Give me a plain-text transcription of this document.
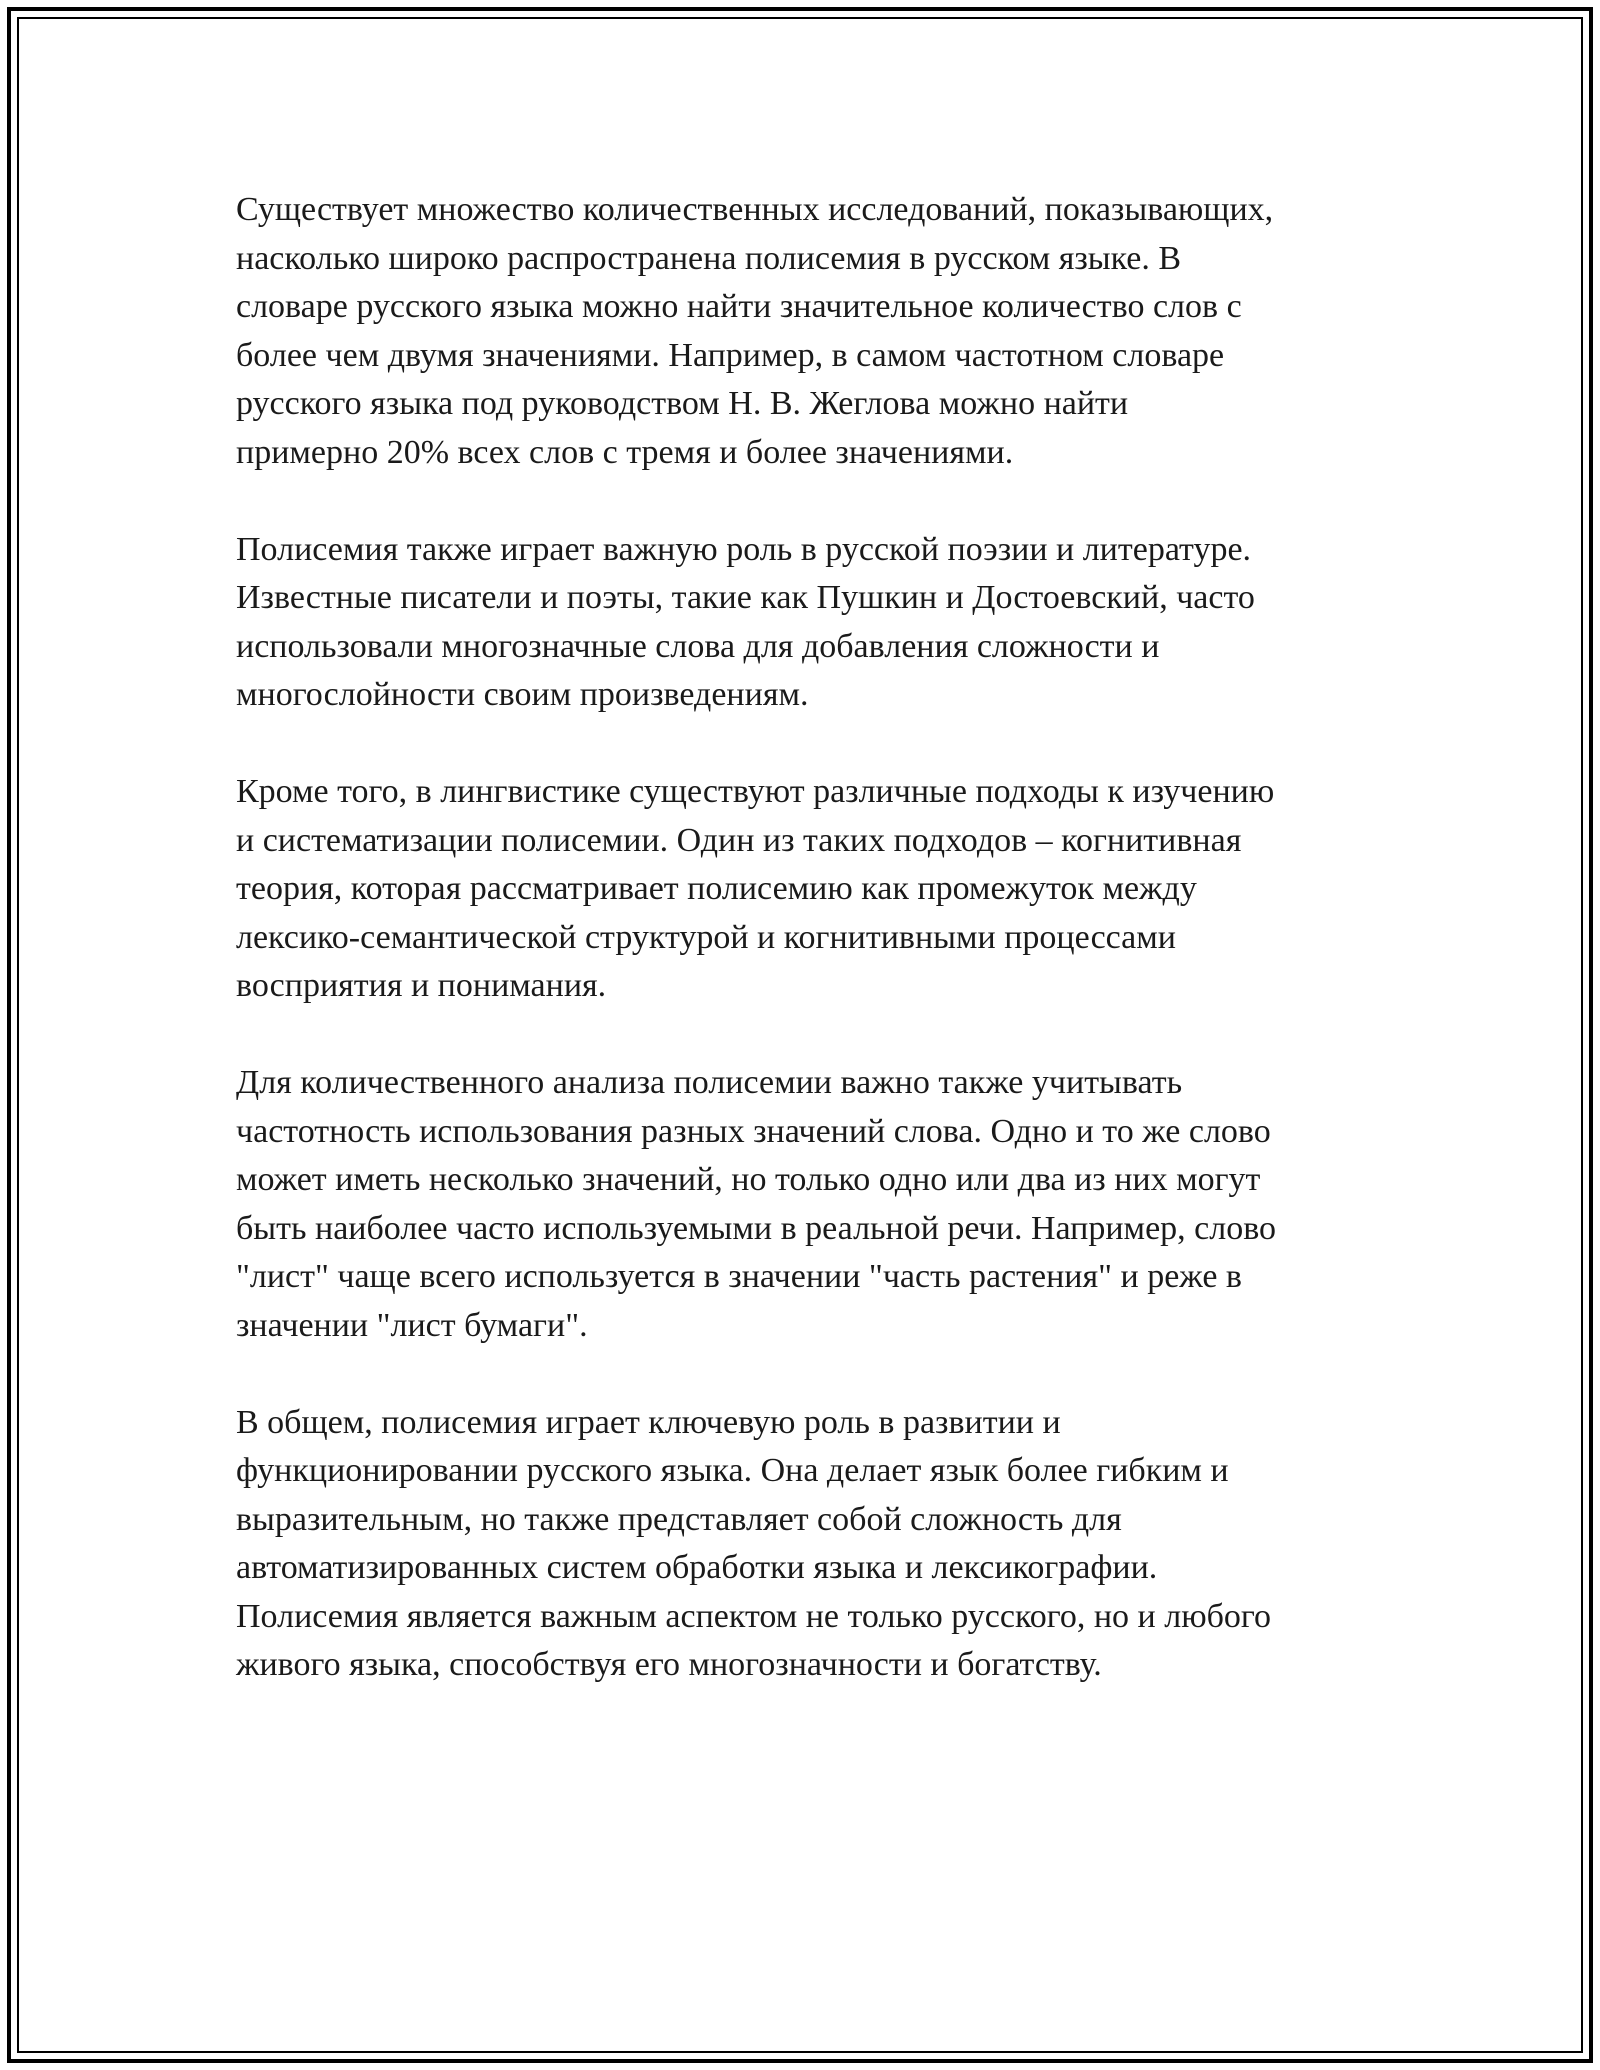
Существует множество количественных исследований, показывающих,
насколько широко распространена полисемия в русском языке. В
словаре русского языка можно найти значительное количество слов с
более чем двумя значениями. Например, в самом частотном словаре
русского языка под руководством Н. В. Жеглова можно найти
примерно 20% всех слов с тремя и более значениями.

Полисемия также играет важную роль в русской поэзии и литературе.
Известные писатели и поэты, такие как Пушкин и Достоевский, часто
использовали многозначные слова для добавления сложности и
многослойности своим произведениям.

Кроме того, в лингвистике существуют различные подходы к изучению
и систематизации полисемии. Один из таких подходов – когнитивная
теория, которая рассматривает полисемию как промежуток между
лексико-семантической структурой и когнитивными процессами
восприятия и понимания.

Для количественного анализа полисемии важно также учитывать
частотность использования разных значений слова. Одно и то же слово
может иметь несколько значений, но только одно или два из них могут
быть наиболее часто используемыми в реальной речи. Например, слово
"лист" чаще всего используется в значении "часть растения" и реже в
значении "лист бумаги".

В общем, полисемия играет ключевую роль в развитии и
функционировании русского языка. Она делает язык более гибким и
выразительным, но также представляет собой сложность для
автоматизированных систем обработки языка и лексикографии.
Полисемия является важным аспектом не только русского, но и любого
живого языка, способствуя его многозначности и богатству.
